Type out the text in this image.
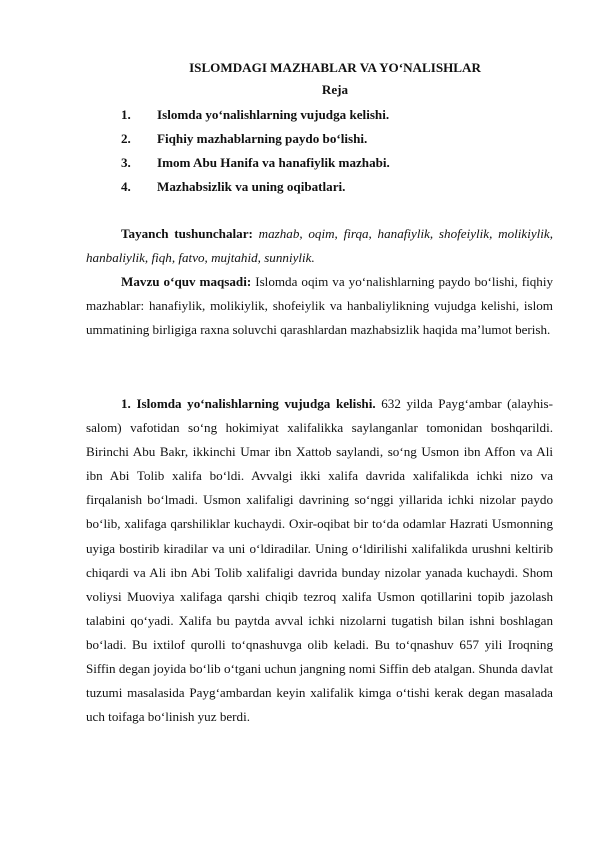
ISLOMDAGI MAZHABLAR VA YO‘NALISHLAR
Reja
1. Islomda yo‘nalishlarning vujudga kelishi.
2. Fiqhiy mazhablarning paydo bo‘lishi.
3. Imom Abu Hanifa va hanafiylik mazhabi.
4. Mazhabsizlik va uning oqibatlari.

Tayanch tushunchalar: mazhab, oqim, firqa, hanafiylik, shofeiylik, molikiylik, hanbaliylik, fiqh, fatvo, mujtahid, sunniylik.

Mavzu o‘quv maqsadi: Islomda oqim va yo‘nalishlarning paydo bo‘lishi, fiqhiy mazhablar: hanafiylik, molikiylik, shofeiylik va hanbaliylikning vujudga kelishi, islom ummatining birligiga raxna soluvchi qarashlardan mazhabsizlik haqida ma’lumot berish.

1. Islomda yo‘nalishlarning vujudga kelishi. 632 yilda Payg‘ambar (alayhis-salom) vafotidan so‘ng hokimiyat xalifalikka saylanganlar tomonidan boshqarildi. Birinchi Abu Bakr, ikkinchi Umar ibn Xattob saylandi, so‘ng Usmon ibn Affon va Ali ibn Abi Tolib xalifa bo‘ldi. Avvalgi ikki xalifa davrida xalifalikda ichki nizo va firqalanish bo‘lmadi. Usmon xalifaligi davrining so‘nggi yillarida ichki nizolar paydo bo‘lib, xalifaga qarshiliklar kuchaydi. Oxir-oqibat bir to‘da odamlar Hazrati Usmonning uyiga bostirib kiradilar va uni o‘ldiradilar. Uning o‘ldirilishi xalifalikda urushni keltirib chiqardi va Ali ibn Abi Tolib xalifaligi davrida bunday nizolar yanada kuchaydi. Shom voliysi Muoviya xalifaga qarshi chiqib tezroq xalifa Usmon qotillarini topib jazolash talabini qo‘yadi. Xalifa bu paytda avval ichki nizolarni tugatish bilan ishni boshlagan bo‘ladi. Bu ixtilof qurolli to‘qnashuvga olib keladi. Bu to‘qnashuv 657 yili Iroqning Siffin degan joyida bo‘lib o‘tgani uchun jangning nomi Siffin deb atalgan. Shunda davlat tuzumi masalasida Payg‘ambardan keyin xalifalik kimga o‘tishi kerak degan masalada uch toifaga bo‘linish yuz berdi.
